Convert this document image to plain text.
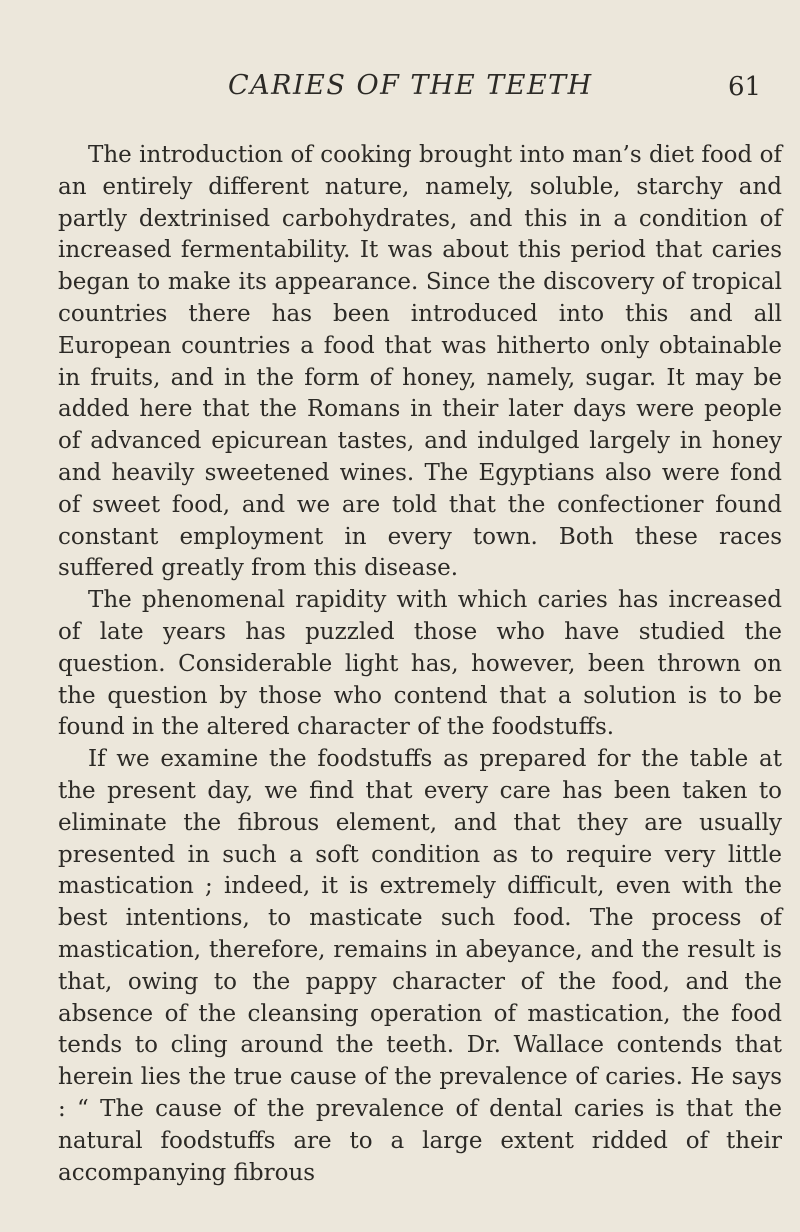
CARIES OF THE TEETH	61

The introduction of cooking brought into man’s diet food of an entirely different nature, namely, soluble, starchy and partly dextrinised carbohydrates, and this in a condition of increased fermentability. It was about this period that caries began to make its appearance. Since the discovery of tropical countries there has been introduced into this and all European countries a food that was hitherto only obtainable in fruits, and in the form of honey, namely, sugar. It may be added here that the Romans in their later days were people of advanced epicurean tastes, and indulged largely in honey and heavily sweetened wines. The Egyptians also were fond of sweet food, and we are told that the confectioner found constant employment in every town. Both these races suffered greatly from this disease.

The phenomenal rapidity with which caries has increased of late years has puzzled those who have studied the question. Considerable light has, however, been thrown on the question by those who contend that a solution is to be found in the altered character of the foodstuffs.

If we examine the foodstuffs as prepared for the table at the present day, we find that every care has been taken to eliminate the fibrous element, and that they are usually presented in such a soft condition as to require very little mastication ; indeed, it is extremely difficult, even with the best intentions, to masticate such food. The process of mastication, therefore, remains in abeyance, and the result is that, owing to the pappy character of the food, and the absence of the cleansing operation of mastication, the food tends to cling around the teeth. Dr. Wallace contends that herein lies the true cause of the prevalence of caries. He says : “ The cause of the prevalence of dental caries is that the natural foodstuffs are to a large extent ridded of their accompanying fibrous
